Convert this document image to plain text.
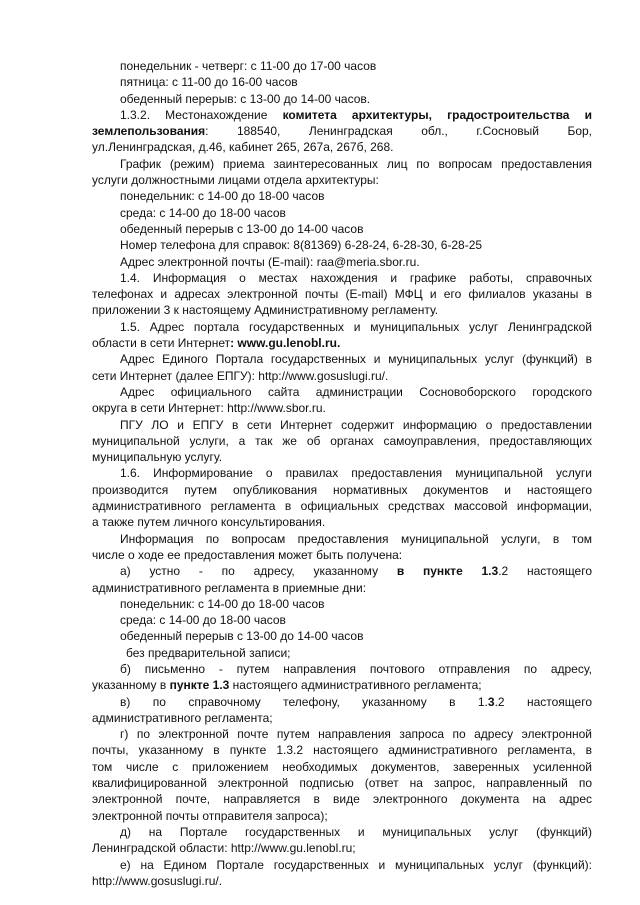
понедельник - четверг: с 11-00 до 17-00 часов
пятница: с 11-00 до 16-00 часов
обеденный перерыв: с 13-00 до 14-00 часов.
1.3.2. Местонахождение комитета архитектуры, градостроительства и
землепользования: 188540, Ленинградская обл., г.Сосновый Бор,
ул.Ленинградская, д.46, кабинет 265, 267а, 267б, 268.
График (режим) приема заинтересованных лиц по вопросам предоставления
услуги должностными лицами отдела архитектуры:
понедельник: с 14-00 до 18-00 часов
среда: с 14-00 до 18-00 часов
обеденный перерыв с 13-00 до 14-00 часов
Номер телефона для справок: 8(81369) 6-28-24, 6-28-30, 6-28-25
Адрес электронной почты (E-mail): raa@meria.sbor.ru.
1.4. Информация о местах нахождения и графике работы, справочных
телефонах и адресах электронной почты (E-mail) МФЦ и его филиалов указаны в
приложении 3 к настоящему Административному регламенту.
1.5. Адрес портала государственных и муниципальных услуг Ленинградской
области в сети Интернет: www.gu.lenobl.ru.
Адрес Единого Портала государственных и муниципальных услуг (функций) в
сети Интернет (далее ЕПГУ): http://www.gosuslugi.ru/.
Адрес официального сайта администрации Сосновоборского городского
округа в сети Интернет: http://www.sbor.ru.
ПГУ ЛО и ЕПГУ в сети Интернет содержит информацию о предоставлении
муниципальной услуги, а так же об органах самоуправления, предоставляющих
муниципальную услугу.
1.6. Информирование о правилах предоставления муниципальной услуги
производится путем опубликования нормативных документов и настоящего
административного регламента в официальных средствах массовой информации,
а также путем личного консультирования.
Информация по вопросам предоставления муниципальной услуги, в том
числе о ходе ее предоставления может быть получена:
а) устно - по адресу, указанному в пункте 1.3.2 настоящего
административного регламента в приемные дни:
понедельник: с 14-00 до 18-00 часов
среда: с 14-00 до 18-00 часов
обеденный перерыв с 13-00 до 14-00 часов
без предварительной записи;
б) письменно - путем направления почтового отправления по адресу,
указанному в пункте 1.3 настоящего административного регламента;
в) по справочному телефону, указанному в 1.3.2 настоящего
административного регламента;
г) по электронной почте путем направления запроса по адресу электронной
почты, указанному в пункте 1.3.2 настоящего административного регламента, в
том числе с приложением необходимых документов, заверенных усиленной
квалифицированной электронной подписью (ответ на запрос, направленный по
электронной почте, направляется в виде электронного документа на адрес
электронной почты отправителя запроса);
д) на Портале государственных и муниципальных услуг (функций)
Ленинградской области: http://www.gu.lenobl.ru;
е) на Едином Портале государственных и муниципальных услуг (функций):
http://www.gosuslugi.ru/.
